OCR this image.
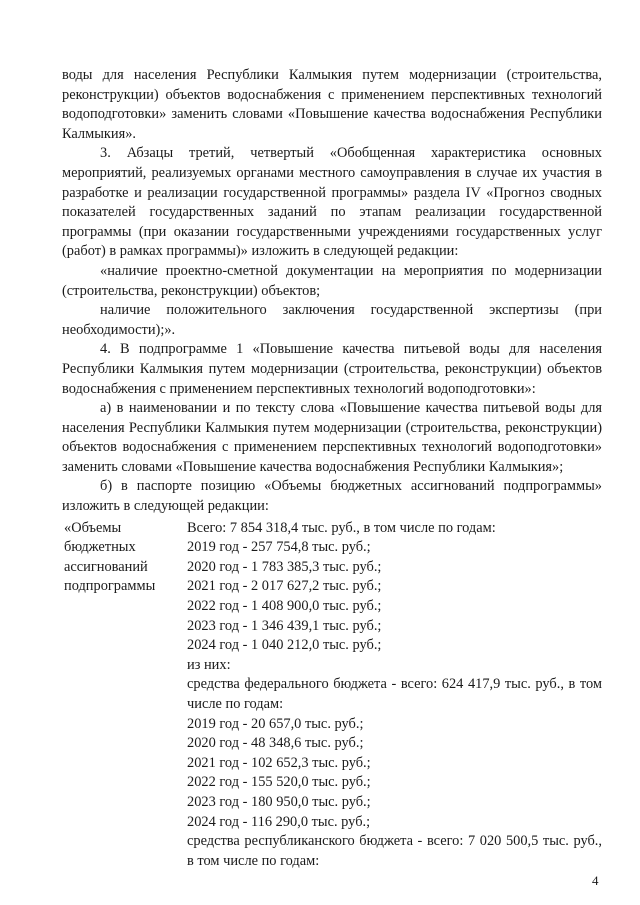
воды для населения Республики Калмыкия путем модернизации (строительства, реконструкции) объектов водоснабжения с применением перспективных технологий водоподготовки» заменить словами «Повышение качества водоснабжения Республики Калмыкия».

3. Абзацы третий, четвертый «Обобщенная характеристика основных мероприятий, реализуемых органами местного самоуправления в случае их участия в разработке и реализации государственной программы» раздела IV «Прогноз сводных показателей государственных заданий по этапам реализации государственной программы (при оказании государственными учреждениями государственных услуг (работ) в рамках программы)» изложить в следующей редакции:

«наличие проектно-сметной документации на мероприятия по модернизации (строительства, реконструкции) объектов;

наличие положительного заключения государственной экспертизы (при необходимости);».

4. В подпрограмме 1 «Повышение качества питьевой воды для населения Республики Калмыкия путем модернизации (строительства, реконструкции) объектов водоснабжения с применением перспективных технологий водоподготовки»:

а) в наименовании и по тексту слова «Повышение качества питьевой воды для населения Республики Калмыкия путем модернизации (строительства, реконструкции) объектов водоснабжения с применением перспективных технологий водоподготовки» заменить словами «Повышение качества водоснабжения Республики Калмыкия»;

б) в паспорте позицию «Объемы бюджетных ассигнований подпрограммы» изложить в следующей редакции:

«Объемы
бюджетных
ассигнований
подпрограммы
Всего: 7 854 318,4 тыс. руб., в том числе по годам:
2019 год - 257 754,8 тыс. руб.;
2020 год - 1 783 385,3 тыс. руб.;
2021 год - 2 017 627,2 тыс. руб.;
2022 год - 1 408 900,0 тыс. руб.;
2023 год - 1 346 439,1 тыс. руб.;
2024 год - 1 040 212,0 тыс. руб.;
из них:
средства федерального бюджета - всего: 624 417,9 тыс. руб., в том числе по годам:
2019 год - 20 657,0 тыс. руб.;
2020 год - 48 348,6 тыс. руб.;
2021 год - 102 652,3 тыс. руб.;
2022 год - 155 520,0 тыс. руб.;
2023 год - 180 950,0 тыс. руб.;
2024 год - 116 290,0 тыс. руб.;
средства республиканского бюджета - всего: 7 020 500,5 тыс. руб., в том числе по годам:
4
